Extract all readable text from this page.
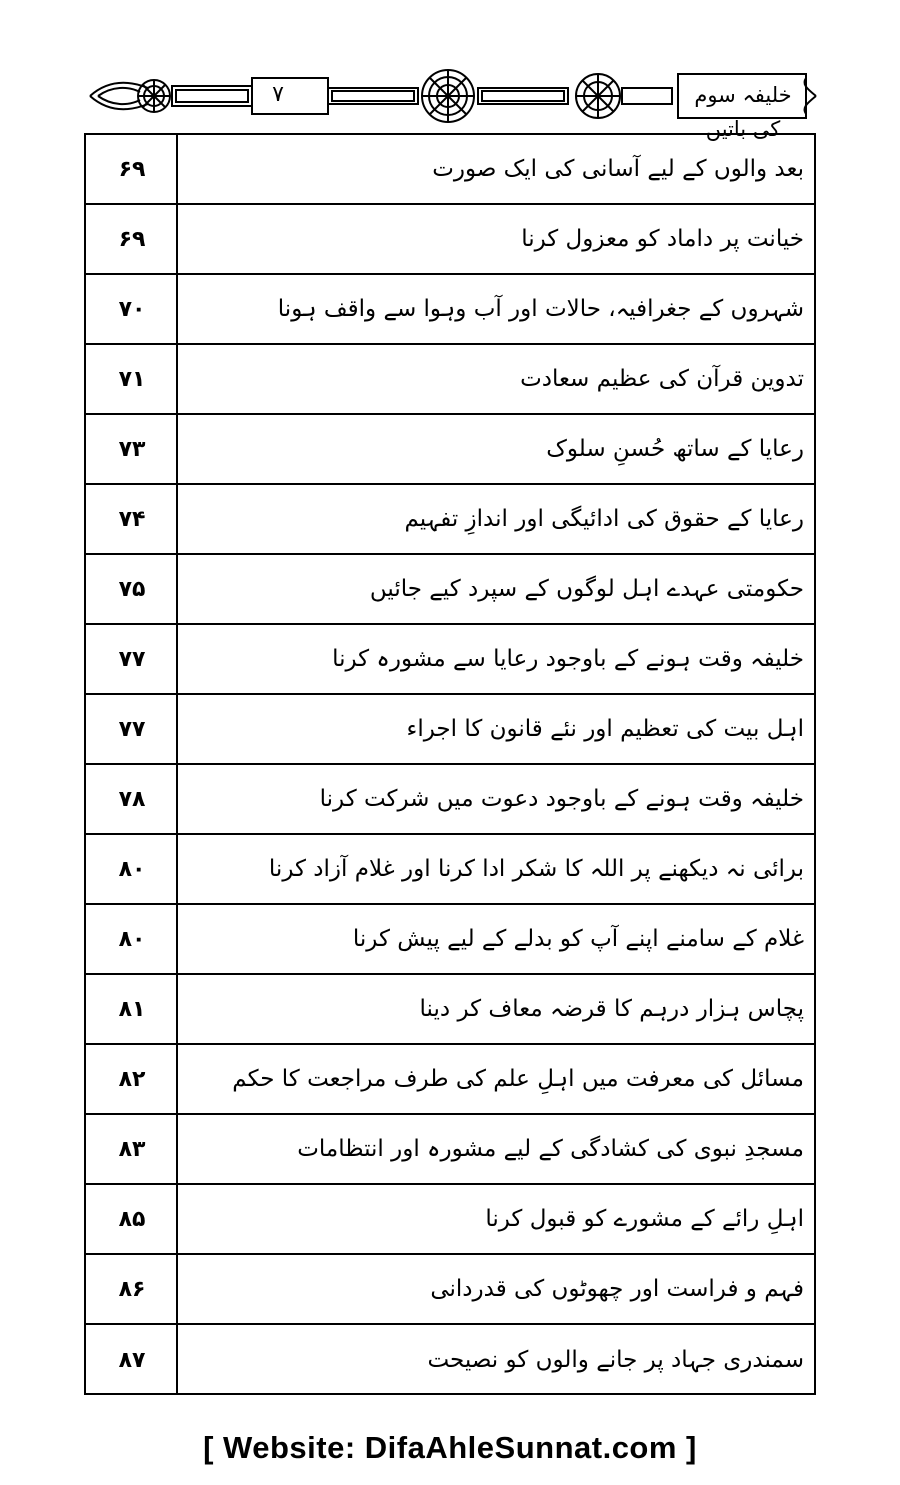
خلیفہ سوم کی باتیں
۷
۶۹	بعد والوں کے لیے آسانی کی ایک صورت
۶۹	خیانت پر داماد کو معزول کرنا
۷۰	شہروں کے جغرافیہ، حالات اور آب وہوا سے واقف ہونا
۷۱	تدوین قرآن کی عظیم سعادت
۷۳	رعایا کے ساتھ حُسنِ سلوک
۷۴	رعایا کے حقوق کی ادائیگی اور اندازِ تفہیم
۷۵	حکومتی عہدے اہل لوگوں کے سپرد کیے جائیں
۷۷	خلیفہ وقت ہونے کے باوجود رعایا سے مشورہ کرنا
۷۷	اہل بیت کی تعظیم اور نئے قانون کا اجراء
۷۸	خلیفہ وقت ہونے کے باوجود دعوت میں شرکت کرنا
۸۰	برائی نہ دیکھنے پر اللہ کا شکر ادا کرنا اور غلام آزاد کرنا
۸۰	غلام کے سامنے اپنے آپ کو بدلے کے لیے پیش کرنا
۸۱	پچاس ہزار درہم کا قرضہ معاف کر دینا
۸۲	مسائل کی معرفت میں اہلِ علم کی طرف مراجعت کا حکم
۸۳	مسجدِ نبوی کی کشادگی کے لیے مشورہ اور انتظامات
۸۵	اہلِ رائے کے مشورے کو قبول کرنا
۸۶	فہم و فراست اور چھوٹوں کی قدردانی
۸۷	سمندری جہاد پر جانے والوں کو نصیحت
[ Website: DifaAhleSunnat.com ]
